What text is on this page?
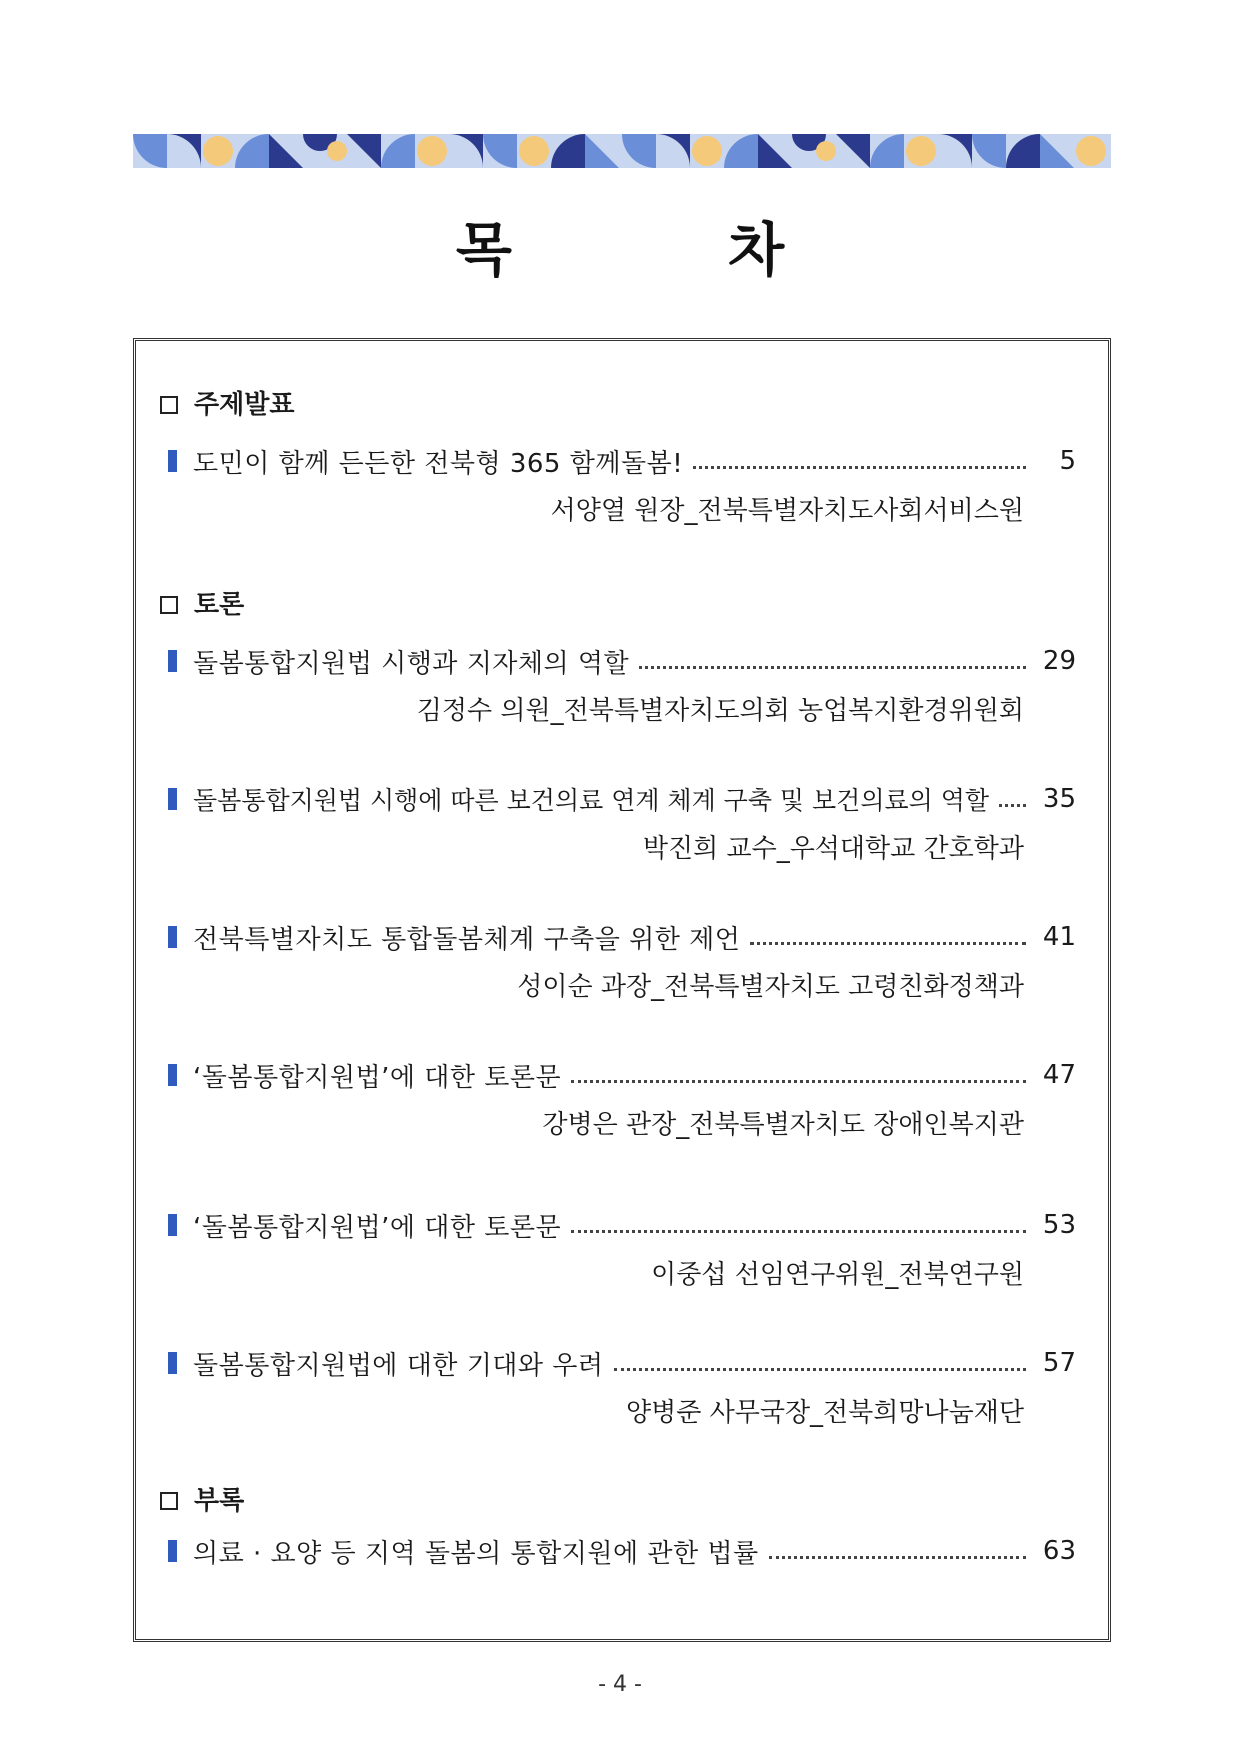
목 차
주제발표
도민이 함께 든든한 전북형 365 함께돌봄!	5
서양열 원장_전북특별자치도사회서비스원
토론
돌봄통합지원법 시행과 지자체의 역할	29
김정수 의원_전북특별자치도의회 농업복지환경위원회
돌봄통합지원법 시행에 따른 보건의료 연계 체계 구축 및 보건의료의 역할 35
박진희 교수_우석대학교 간호학과
전북특별자치도 통합돌봄체계 구축을 위한 제언	41
성이순 과장_전북특별자치도 고령친화정책과
‘돌봄통합지원법’에 대한 토론문	47
강병은 관장_전북특별자치도 장애인복지관
‘돌봄통합지원법’에 대한 토론문	53
이중섭 선임연구위원_전북연구원
돌봄통합지원법에 대한 기대와 우려	57
양병준 사무국장_전북희망나눔재단
부록
의료 · 요양 등 지역 돌봄의 통합지원에 관한 법률	63
- 4 -
